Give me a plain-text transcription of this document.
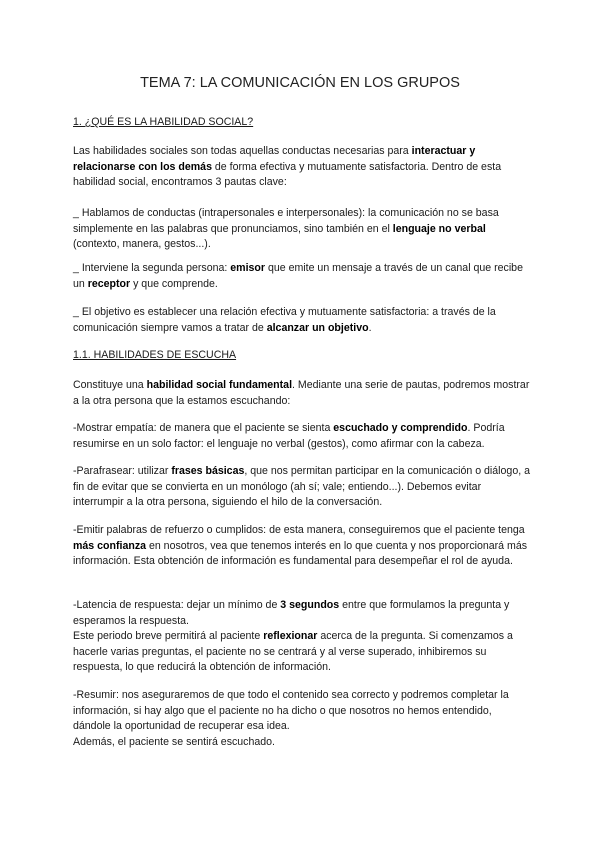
TEMA 7: LA COMUNICACIÓN EN LOS GRUPOS

1. ¿QUÉ ES LA HABILIDAD SOCIAL?

Las habilidades sociales son todas aquellas conductas necesarias para interactuar y relacionarse con los demás de forma efectiva y mutuamente satisfactoria. Dentro de esta habilidad social, encontramos 3 pautas clave:

_ Hablamos de conductas (intrapersonales e interpersonales): la comunicación no se basa simplemente en las palabras que pronunciamos, sino también en el lenguaje no verbal (contexto, manera, gestos...).

_ Interviene la segunda persona: emisor que emite un mensaje a través de un canal que recibe un receptor y que comprende.

_ El objetivo es establecer una relación efectiva y mutuamente satisfactoria: a través de la comunicación siempre vamos a tratar de alcanzar un objetivo.

1.1. HABILIDADES DE ESCUCHA

Constituye una habilidad social fundamental. Mediante una serie de pautas, podremos mostrar a la otra persona que la estamos escuchando:

-Mostrar empatía: de manera que el paciente se sienta escuchado y comprendido. Podría resumirse en un solo factor: el lenguaje no verbal (gestos), como afirmar con la cabeza.

-Parafrasear: utilizar frases básicas, que nos permitan participar en la comunicación o diálogo, a fin de evitar que se convierta en un monólogo (ah sí; vale; entiendo...). Debemos evitar interrumpir a la otra persona, siguiendo el hilo de la conversación.

-Emitir palabras de refuerzo o cumplidos: de esta manera, conseguiremos que el paciente tenga más confianza en nosotros, vea que tenemos interés en lo que cuenta y nos proporcionará más información. Esta obtención de información es fundamental para desempeñar el rol de ayuda.

-Latencia de respuesta: dejar un mínimo de 3 segundos entre que formulamos la pregunta y esperamos la respuesta.
Este periodo breve permitirá al paciente reflexionar acerca de la pregunta. Si comenzamos a hacerle varias preguntas, el paciente no se centrará y al verse superado, inhibiremos su respuesta, lo que reducirá la obtención de información.

-Resumir: nos aseguraremos de que todo el contenido sea correcto y podremos completar la información, si hay algo que el paciente no ha dicho o que nosotros no hemos entendido, dándole la oportunidad de recuperar esa idea.
Además, el paciente se sentirá escuchado.
